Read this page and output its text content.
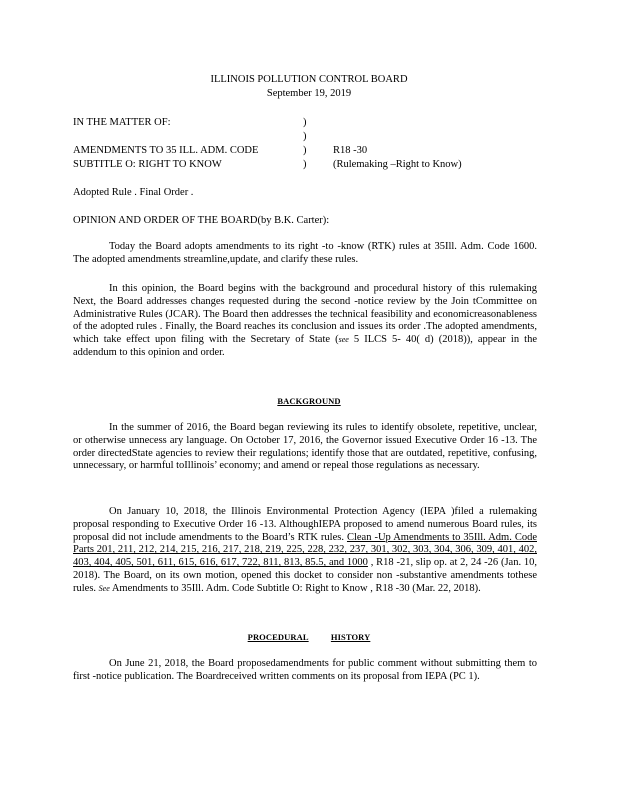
ILLINOIS POLLUTION CONTROL BOARD
September 19, 2019
IN THE MATTER OF:
AMENDMENTS TO 35 ILL. ADM. CODE
SUBTITLE O: RIGHT TO KNOW
)
)
)
)
R18 -30
(Rulemaking –Right to Know)
Adopted Rule . Final Order .
OPINION AND ORDER OF THE BOARD(by B.K. Carter):
Today the Board adopts amendments to its right -to -know (RTK) rules at 35Ill. Adm. Code 1600. The adopted amendments streamline,update, and clarify these rules.
In this opinion, the Board begins with the background and procedural history of this rulemaking Next, the Board addresses changes requested during the second -notice review by the Join tCommittee on Administrative Rules (JCAR). The Board then addresses the technical feasibility and economicreasonableness of the adopted rules . Finally, the Board reaches its conclusion and issues its order .The adopted amendments, which take effect upon filing with the Secretary of State (see 5 ILCS 5- 40( d) (2018)), appear in the addendum to this opinion and order.
BACKGROUND
In the summer of 2016, the Board began reviewing its rules to identify obsolete, repetitive, unclear, or otherwise unnecess ary language. On October 17, 2016, the Governor issued Executive Order 16 -13. The order directedState agencies to review their regulations; identify those that are outdated, repetitive, confusing, unnecessary, or harmful toIllinois’ economy; and amend or repeal those regulations as necessary.
On January 10, 2018, the Illinois Environmental Protection Agency (IEPA )filed a rulemaking proposal responding to Executive Order 16 -13. AlthoughIEPA proposed to amend numerous Board rules, its proposal did not include amendments to the Board’s RTK rules. Clean -Up Amendments to 35Ill. Adm. Code Parts 201, 211, 212, 214, 215, 216, 217, 218, 219, 225, 228, 232, 237, 301, 302, 303, 304, 306, 309, 401, 402, 403, 404, 405, 501, 611, 615, 616, 617, 722, 811, 813, 85.5, and 1000 , R18 -21, slip op. at 2, 24 -26 (Jan. 10, 2018). The Board, on its own motion, opened this docket to consider non -substantive amendments tothese rules. See Amendments to 35Ill. Adm. Code Subtitle O: Right to Know , R18 -30 (Mar. 22, 2018).
PROCEDURAL	HISTORY
On June 21, 2018, the Board proposedamendments for public comment without submitting them to first -notice publication. The Boardreceived written comments on its proposal from IEPA (PC 1).
